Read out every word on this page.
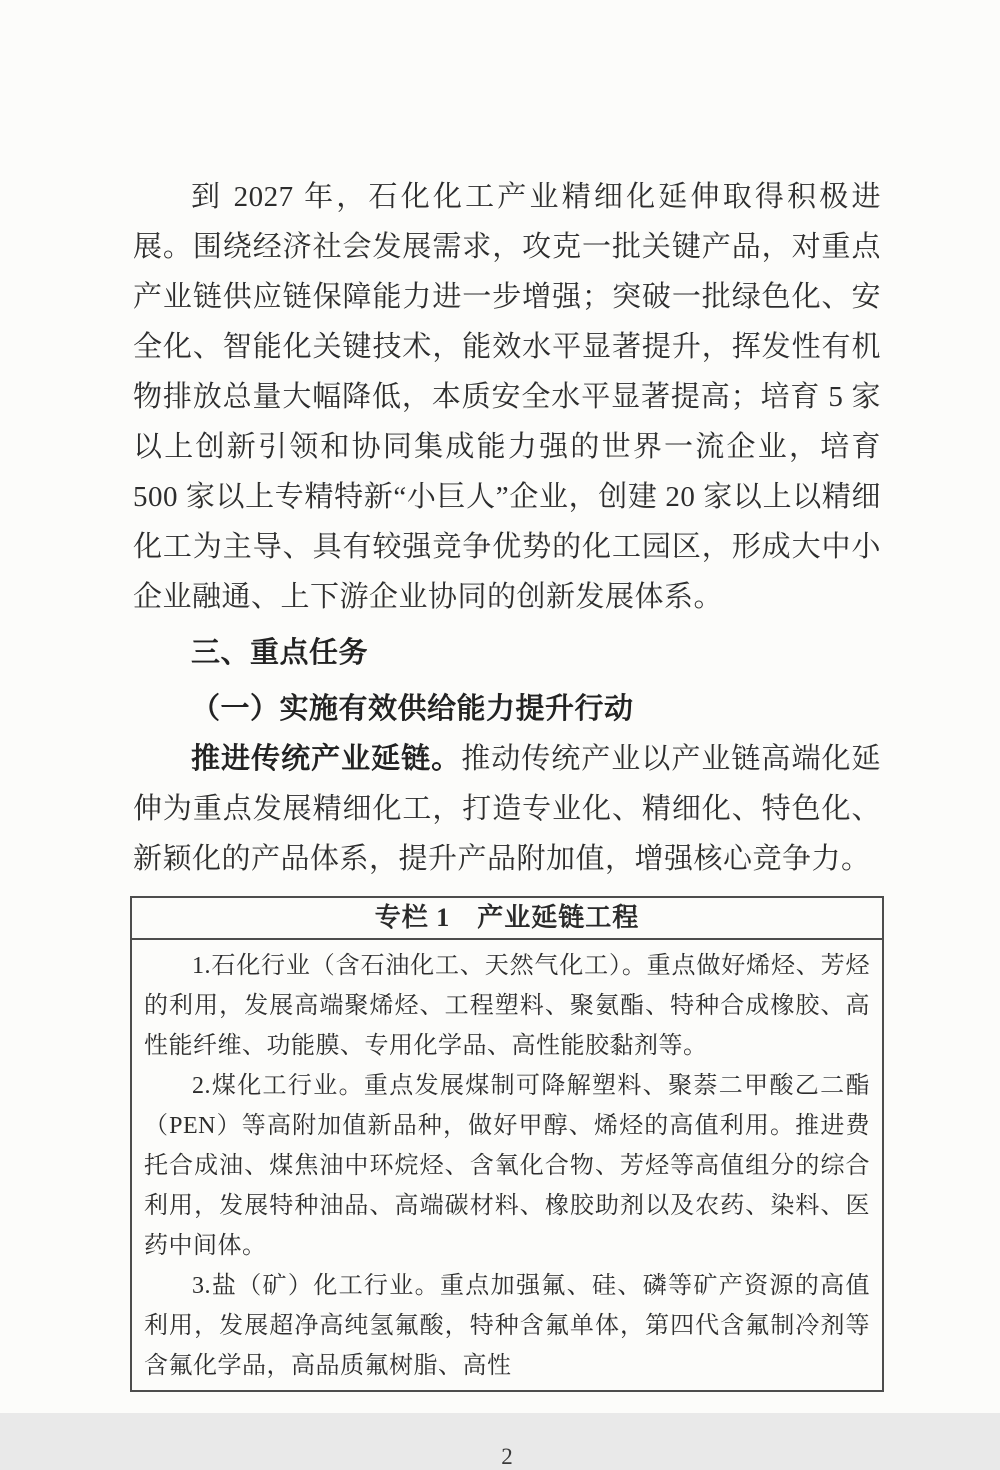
到 2027 年，石化化工产业精细化延伸取得积极进展。围绕经济社会发展需求，攻克一批关键产品，对重点产业链供应链保障能力进一步增强；突破一批绿色化、安全化、智能化关键技术，能效水平显著提升，挥发性有机物排放总量大幅降低，本质安全水平显著提高；培育 5 家以上创新引领和协同集成能力强的世界一流企业，培育 500 家以上专精特新“小巨人”企业，创建 20 家以上以精细化工为主导、具有较强竞争优势的化工园区，形成大中小企业融通、上下游企业协同的创新发展体系。

三、重点任务
（一）实施有效供给能力提升行动

推进传统产业延链。推动传统产业以产业链高端化延伸为重点发展精细化工，打造专业化、精细化、特色化、新颖化的产品体系，提升产品附加值，增强核心竞争力。

专栏 1　产业延链工程

1.石化行业（含石油化工、天然气化工）。重点做好烯烃、芳烃的利用，发展高端聚烯烃、工程塑料、聚氨酯、特种合成橡胶、高性能纤维、功能膜、专用化学品、高性能胶黏剂等。

2.煤化工行业。重点发展煤制可降解塑料、聚萘二甲酸乙二酯（PEN）等高附加值新品种，做好甲醇、烯烃的高值利用。推进费托合成油、煤焦油中环烷烃、含氧化合物、芳烃等高值组分的综合利用，发展特种油品、高端碳材料、橡胶助剂以及农药、染料、医药中间体。

3.盐（矿）化工行业。重点加强氟、硅、磷等矿产资源的高值利用，发展超净高纯氢氟酸，特种含氟单体，第四代含氟制冷剂等含氟化学品，高品质氟树脂、高性

2
